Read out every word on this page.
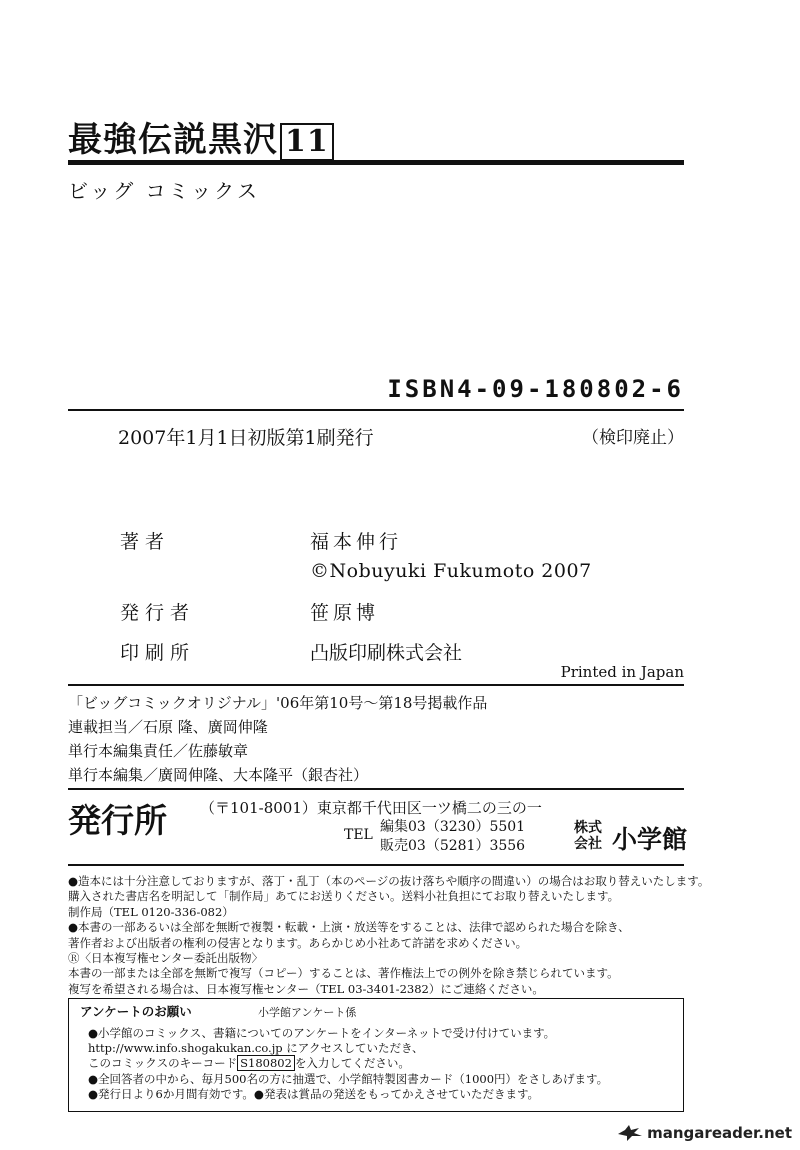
最強伝説黒沢 11
ビッグ コミックス
ISBN4-09-180802-6
2007年1月1日初版第1刷発行	（検印廃止）
著者	福本伸行
©Nobuyuki Fukumoto 2007
発行者	笹原博
印刷所	凸版印刷株式会社
Printed in Japan
「ビッグコミックオリジナル」'06年第10号〜第18号掲載作品
連載担当／石原 隆、廣岡伸隆
単行本編集責任／佐藤敏章
単行本編集／廣岡伸隆、大本隆平（銀杏社）
発行所 （〒101-8001）東京都千代田区一ツ橋二の三の一
TEL 編集03（3230）5501
販売03（5281）3556
株式
会社 小学館
●造本には十分注意しておりますが、落丁・乱丁（本のページの抜け落ちや順序の間違い）の場合はお取り替えいたします。
購入された書店名を明記して「制作局」あてにお送りください。送料小社負担にてお取り替えいたします。
制作局（TEL 0120-336-082）
●本書の一部あるいは全部を無断で複製・転載・上演・放送等をすることは、法律で認められた場合を除き、
著作者および出版者の権利の侵害となります。あらかじめ小社あて許諾を求めください。
Ⓡ〈日本複写権センター委託出版物〉
本書の一部または全部を無断で複写（コピー）することは、著作権法上での例外を除き禁じられています。
複写を希望される場合は、日本複写権センター（TEL 03-3401-2382）にご連絡ください。
アンケートのお願い	小学館アンケート係
●小学館のコミックス、書籍についてのアンケートをインターネットで受け付けています。
http://www.info.shogakukan.co.jp にアクセスしていただき、
このコミックスのキーコード S180802 を入力してください。
●全回答者の中から、毎月500名の方に抽選で、小学館特製図書カード（1000円）をさしあげます。
●発行日より6か月間有効です。●発表は賞品の発送をもってかえさせていただきます。
mangareader.net
